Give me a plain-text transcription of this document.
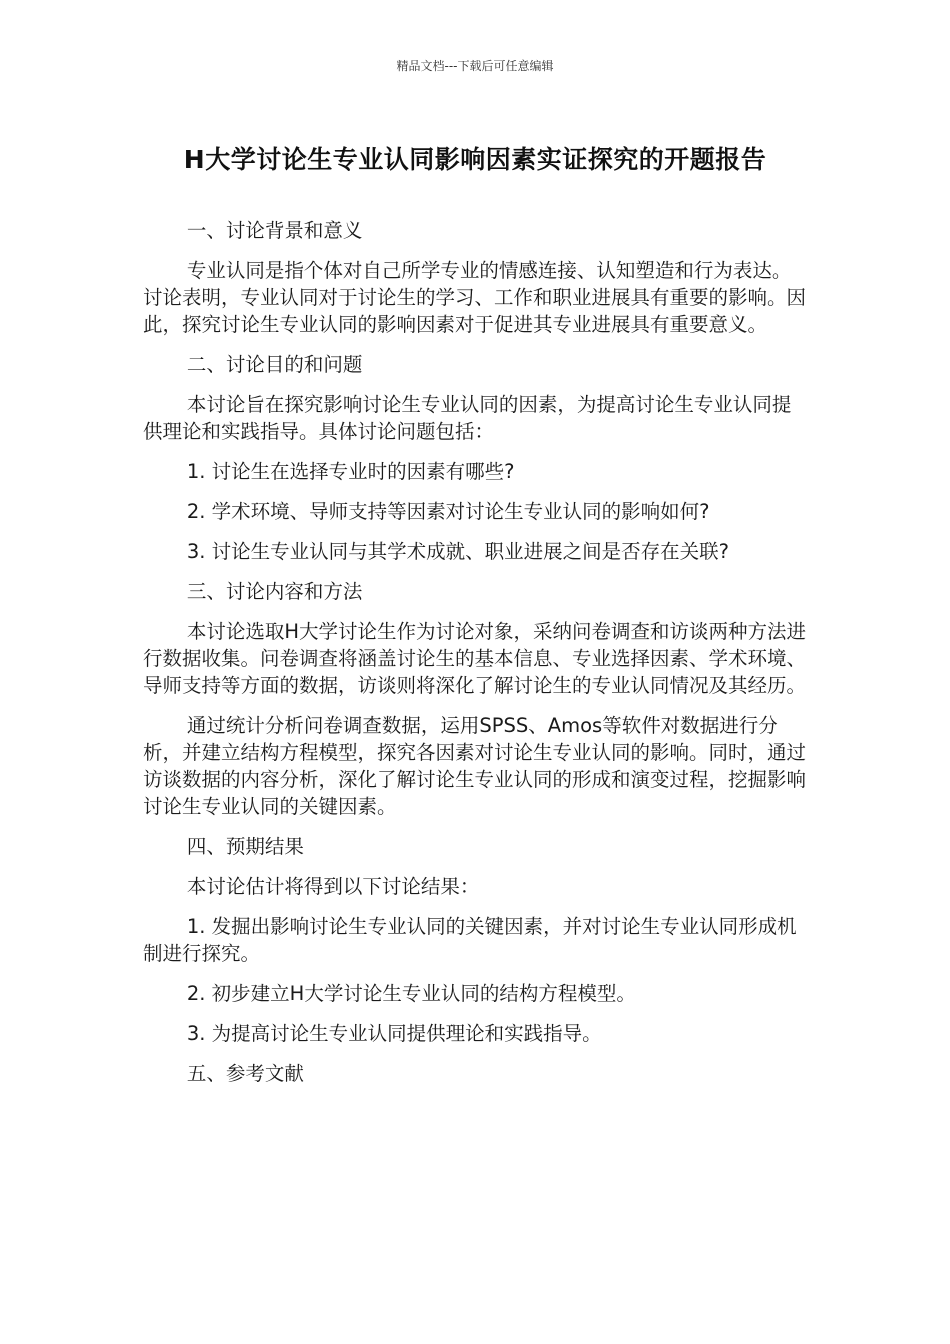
精品文档---下载后可任意编辑
H大学讨论生专业认同影响因素实证探究的开题报告
一、讨论背景和意义
专业认同是指个体对自己所学专业的情感连接、认知塑造和行为表达。讨论表明，专业认同对于讨论生的学习、工作和职业进展具有重要的影响。因此，探究讨论生专业认同的影响因素对于促进其专业进展具有重要意义。
二、讨论目的和问题
本讨论旨在探究影响讨论生专业认同的因素，为提高讨论生专业认同提供理论和实践指导。具体讨论问题包括：
1. 讨论生在选择专业时的因素有哪些?
2. 学术环境、导师支持等因素对讨论生专业认同的影响如何?
3. 讨论生专业认同与其学术成就、职业进展之间是否存在关联?
三、讨论内容和方法
本讨论选取H大学讨论生作为讨论对象，采纳问卷调查和访谈两种方法进行数据收集。问卷调查将涵盖讨论生的基本信息、专业选择因素、学术环境、导师支持等方面的数据，访谈则将深化了解讨论生的专业认同情况及其经历。
通过统计分析问卷调查数据，运用SPSS、Amos等软件对数据进行分析，并建立结构方程模型，探究各因素对讨论生专业认同的影响。同时，通过访谈数据的内容分析，深化了解讨论生专业认同的形成和演变过程，挖掘影响讨论生专业认同的关键因素。
四、预期结果
本讨论估计将得到以下讨论结果：
1. 发掘出影响讨论生专业认同的关键因素，并对讨论生专业认同形成机制进行探究。
2. 初步建立H大学讨论生专业认同的结构方程模型。
3. 为提高讨论生专业认同提供理论和实践指导。
五、参考文献
